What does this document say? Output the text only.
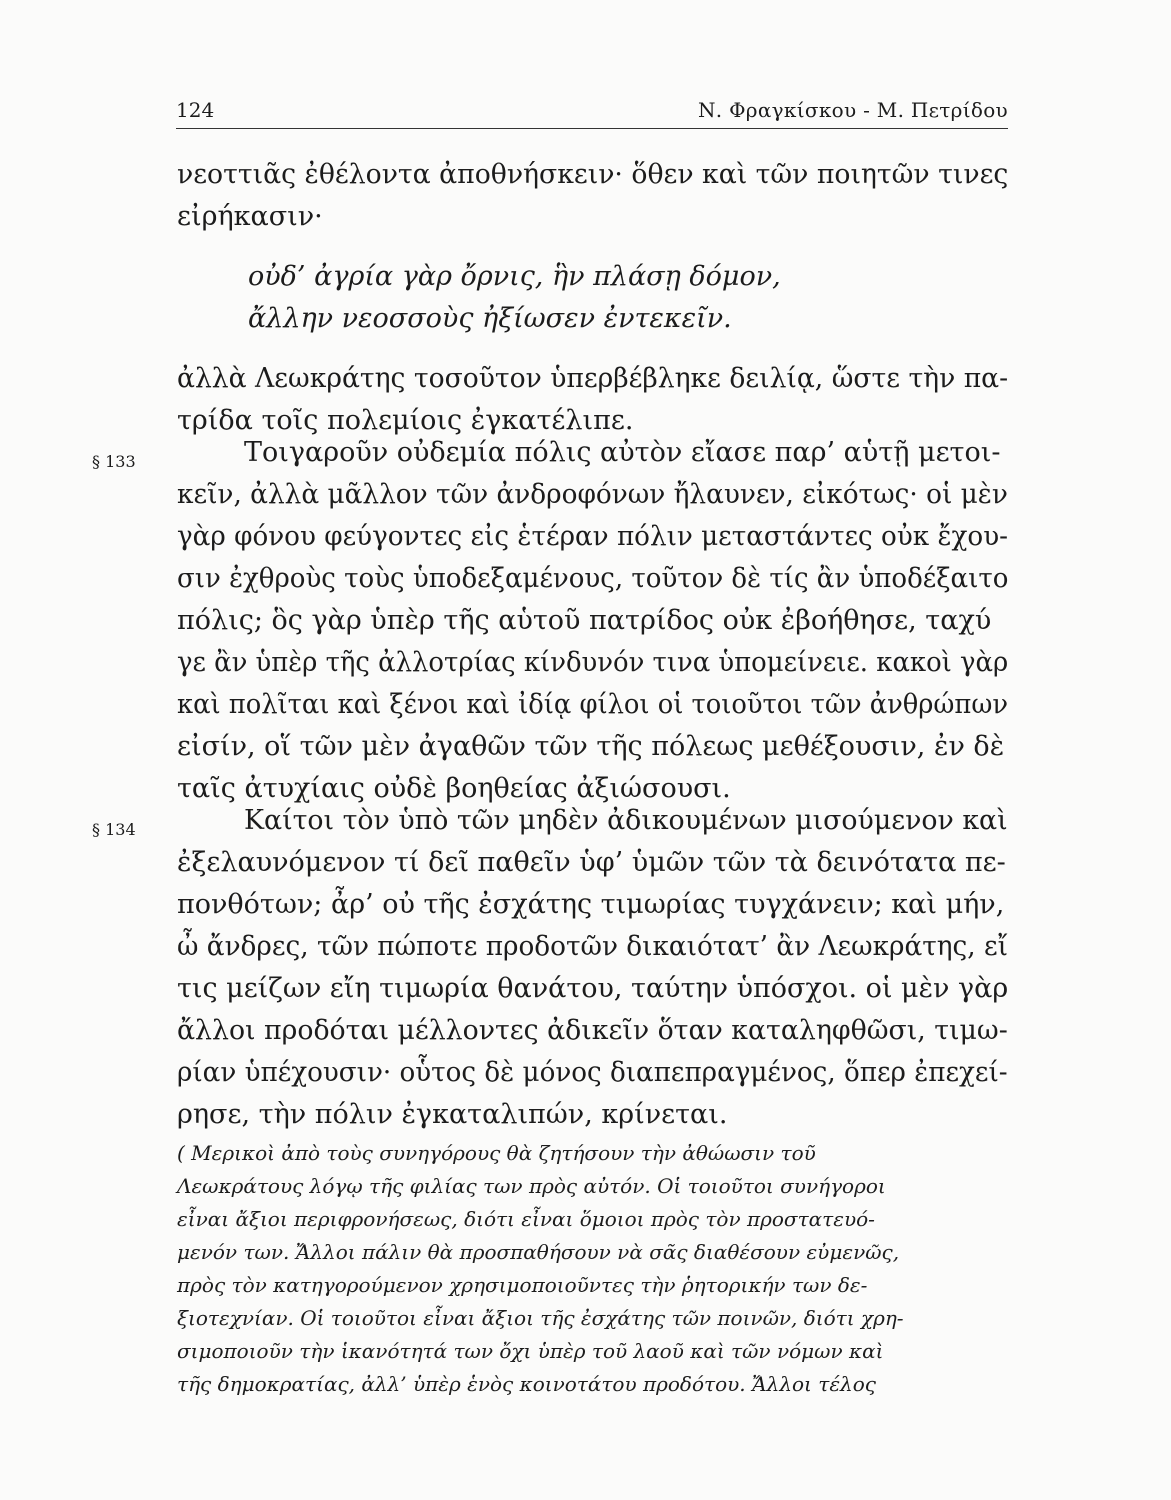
124	Ν. Φραγκίσκου - Μ. Πετρίδου
νεοττιᾶς ἐθέλοντα ἀποθνήσκειν· ὅθεν καὶ τῶν ποιητῶν τινες
εἰρήκασιν·
οὐδ’ ἀγρία γὰρ ὄρνις, ἣν πλάσῃ δόμον,
ἄλλην νεοσσοὺς ἠξίωσεν ἐντεκεῖν.
ἀλλὰ Λεωκράτης τοσοῦτον ὑπερβέβληκε δειλίᾳ, ὥστε τὴν πα-
τρίδα τοῖς πολεμίοις ἐγκατέλιπε.
§ 133	Τοιγαροῦν οὐδεμία πόλις αὐτὸν εἴασε παρ’ αὑτῇ μετοι-
κεῖν, ἀλλὰ μᾶλλον τῶν ἀνδροφόνων ἤλαυνεν, εἰκότως· οἱ μὲν
γὰρ φόνου φεύγοντες εἰς ἑτέραν πόλιν μεταστάντες οὐκ ἔχου-
σιν ἐχθροὺς τοὺς ὑποδεξαμένους, τοῦτον δὲ τίς ἂν ὑποδέξαιτο
πόλις; ὃς γὰρ ὑπὲρ τῆς αὑτοῦ πατρίδος οὐκ ἐβοήθησε, ταχύ
γε ἂν ὑπὲρ τῆς ἀλλοτρίας κίνδυνόν τινα ὑπομείνειε. κακοὶ γὰρ
καὶ πολῖται καὶ ξένοι καὶ ἰδίᾳ φίλοι οἱ τοιοῦτοι τῶν ἀνθρώπων
εἰσίν, οἵ τῶν μὲν ἀγαθῶν τῶν τῆς πόλεως μεθέξουσιν, ἐν δὲ
ταῖς ἀτυχίαις οὐδὲ βοηθείας ἀξιώσουσι.
§ 134	Καίτοι τὸν ὑπὸ τῶν μηδὲν ἀδικουμένων μισούμενον καὶ
ἐξελαυνόμενον τί δεῖ παθεῖν ὑφ’ ὑμῶν τῶν τὰ δεινότατα πε-
πονθότων; ἆρ’ οὐ τῆς ἐσχάτης τιμωρίας τυγχάνειν; καὶ μήν,
ὦ ἄνδρες, τῶν πώποτε προδοτῶν δικαιότατ’ ἂν Λεωκράτης, εἴ
τις μείζων εἴη τιμωρία θανάτου, ταύτην ὑπόσχοι. οἱ μὲν γὰρ
ἄλλοι προδόται μέλλοντες ἀδικεῖν ὅταν καταληφθῶσι, τιμω-
ρίαν ὑπέχουσιν· οὗτος δὲ μόνος διαπεπραγμένος, ὅπερ ἐπεχεί-
ρησε, τὴν πόλιν ἐγκαταλιπών, κρίνεται.
( Μερικοὶ ἀπὸ τοὺς συνηγόρους θὰ ζητήσουν τὴν ἀθώωσιν τοῦ
Λεωκράτους λόγῳ τῆς φιλίας των πρὸς αὐτόν. Οἱ τοιοῦτοι συνήγοροι
εἶναι ἄξιοι περιφρονήσεως, διότι εἶναι ὅμοιοι πρὸς τὸν προστατευό-
μενόν των. Ἄλλοι πάλιν θὰ προσπαθήσουν νὰ σᾶς διαθέσουν εὐμενῶς,
πρὸς τὸν κατηγορούμενον χρησιμοποιοῦντες τὴν ῥητορικήν των δε-
ξιοτεχνίαν. Οἱ τοιοῦτοι εἶναι ἄξιοι τῆς ἐσχάτης τῶν ποινῶν, διότι χρη-
σιμοποιοῦν τὴν ἱκανότητά των ὄχι ὑπὲρ τοῦ λαοῦ καὶ τῶν νόμων καὶ
τῆς δημοκρατίας, ἀλλ’ ὑπὲρ ἑνὸς κοινοτάτου προδότου. Ἄλλοι τέλος
